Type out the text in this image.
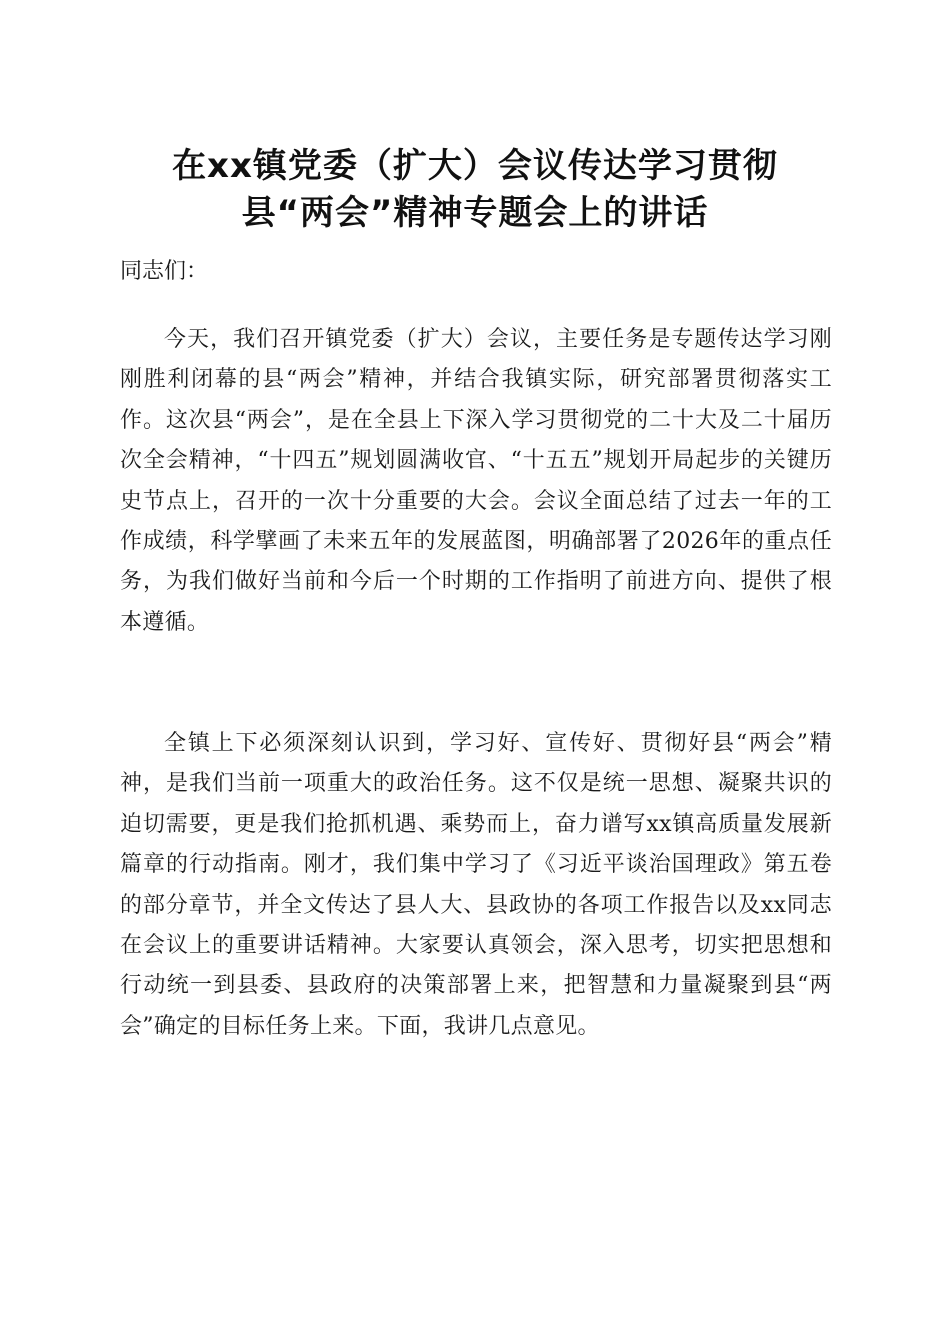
在xx镇党委（扩大）会议传达学习贯彻
县“两会”精神专题会上的讲话
同志们：

今天，我们召开镇党委（扩大）会议，主要任务是专题传达学习刚刚胜利闭幕的县“两会”精神，并结合我镇实际，研究部署贯彻落实工作。这次县“两会”，是在全县上下深入学习贯彻党的二十大及二十届历次全会精神，“十四五”规划圆满收官、“十五五”规划开局起步的关键历史节点上，召开的一次十分重要的大会。会议全面总结了过去一年的工作成绩，科学擘画了未来五年的发展蓝图，明确部署了2026年的重点任务，为我们做好当前和今后一个时期的工作指明了前进方向、提供了根本遵循。

全镇上下必须深刻认识到，学习好、宣传好、贯彻好县“两会”精神，是我们当前一项重大的政治任务。这不仅是统一思想、凝聚共识的迫切需要，更是我们抢抓机遇、乘势而上，奋力谱写xx镇高质量发展新篇章的行动指南。刚才，我们集中学习了《习近平谈治国理政》第五卷的部分章节，并全文传达了县人大、县政协的各项工作报告以及xx同志在会议上的重要讲话精神。大家要认真领会，深入思考，切实把思想和行动统一到县委、县政府的决策部署上来，把智慧和力量凝聚到县“两会”确定的目标任务上来。下面，我讲几点意见。
